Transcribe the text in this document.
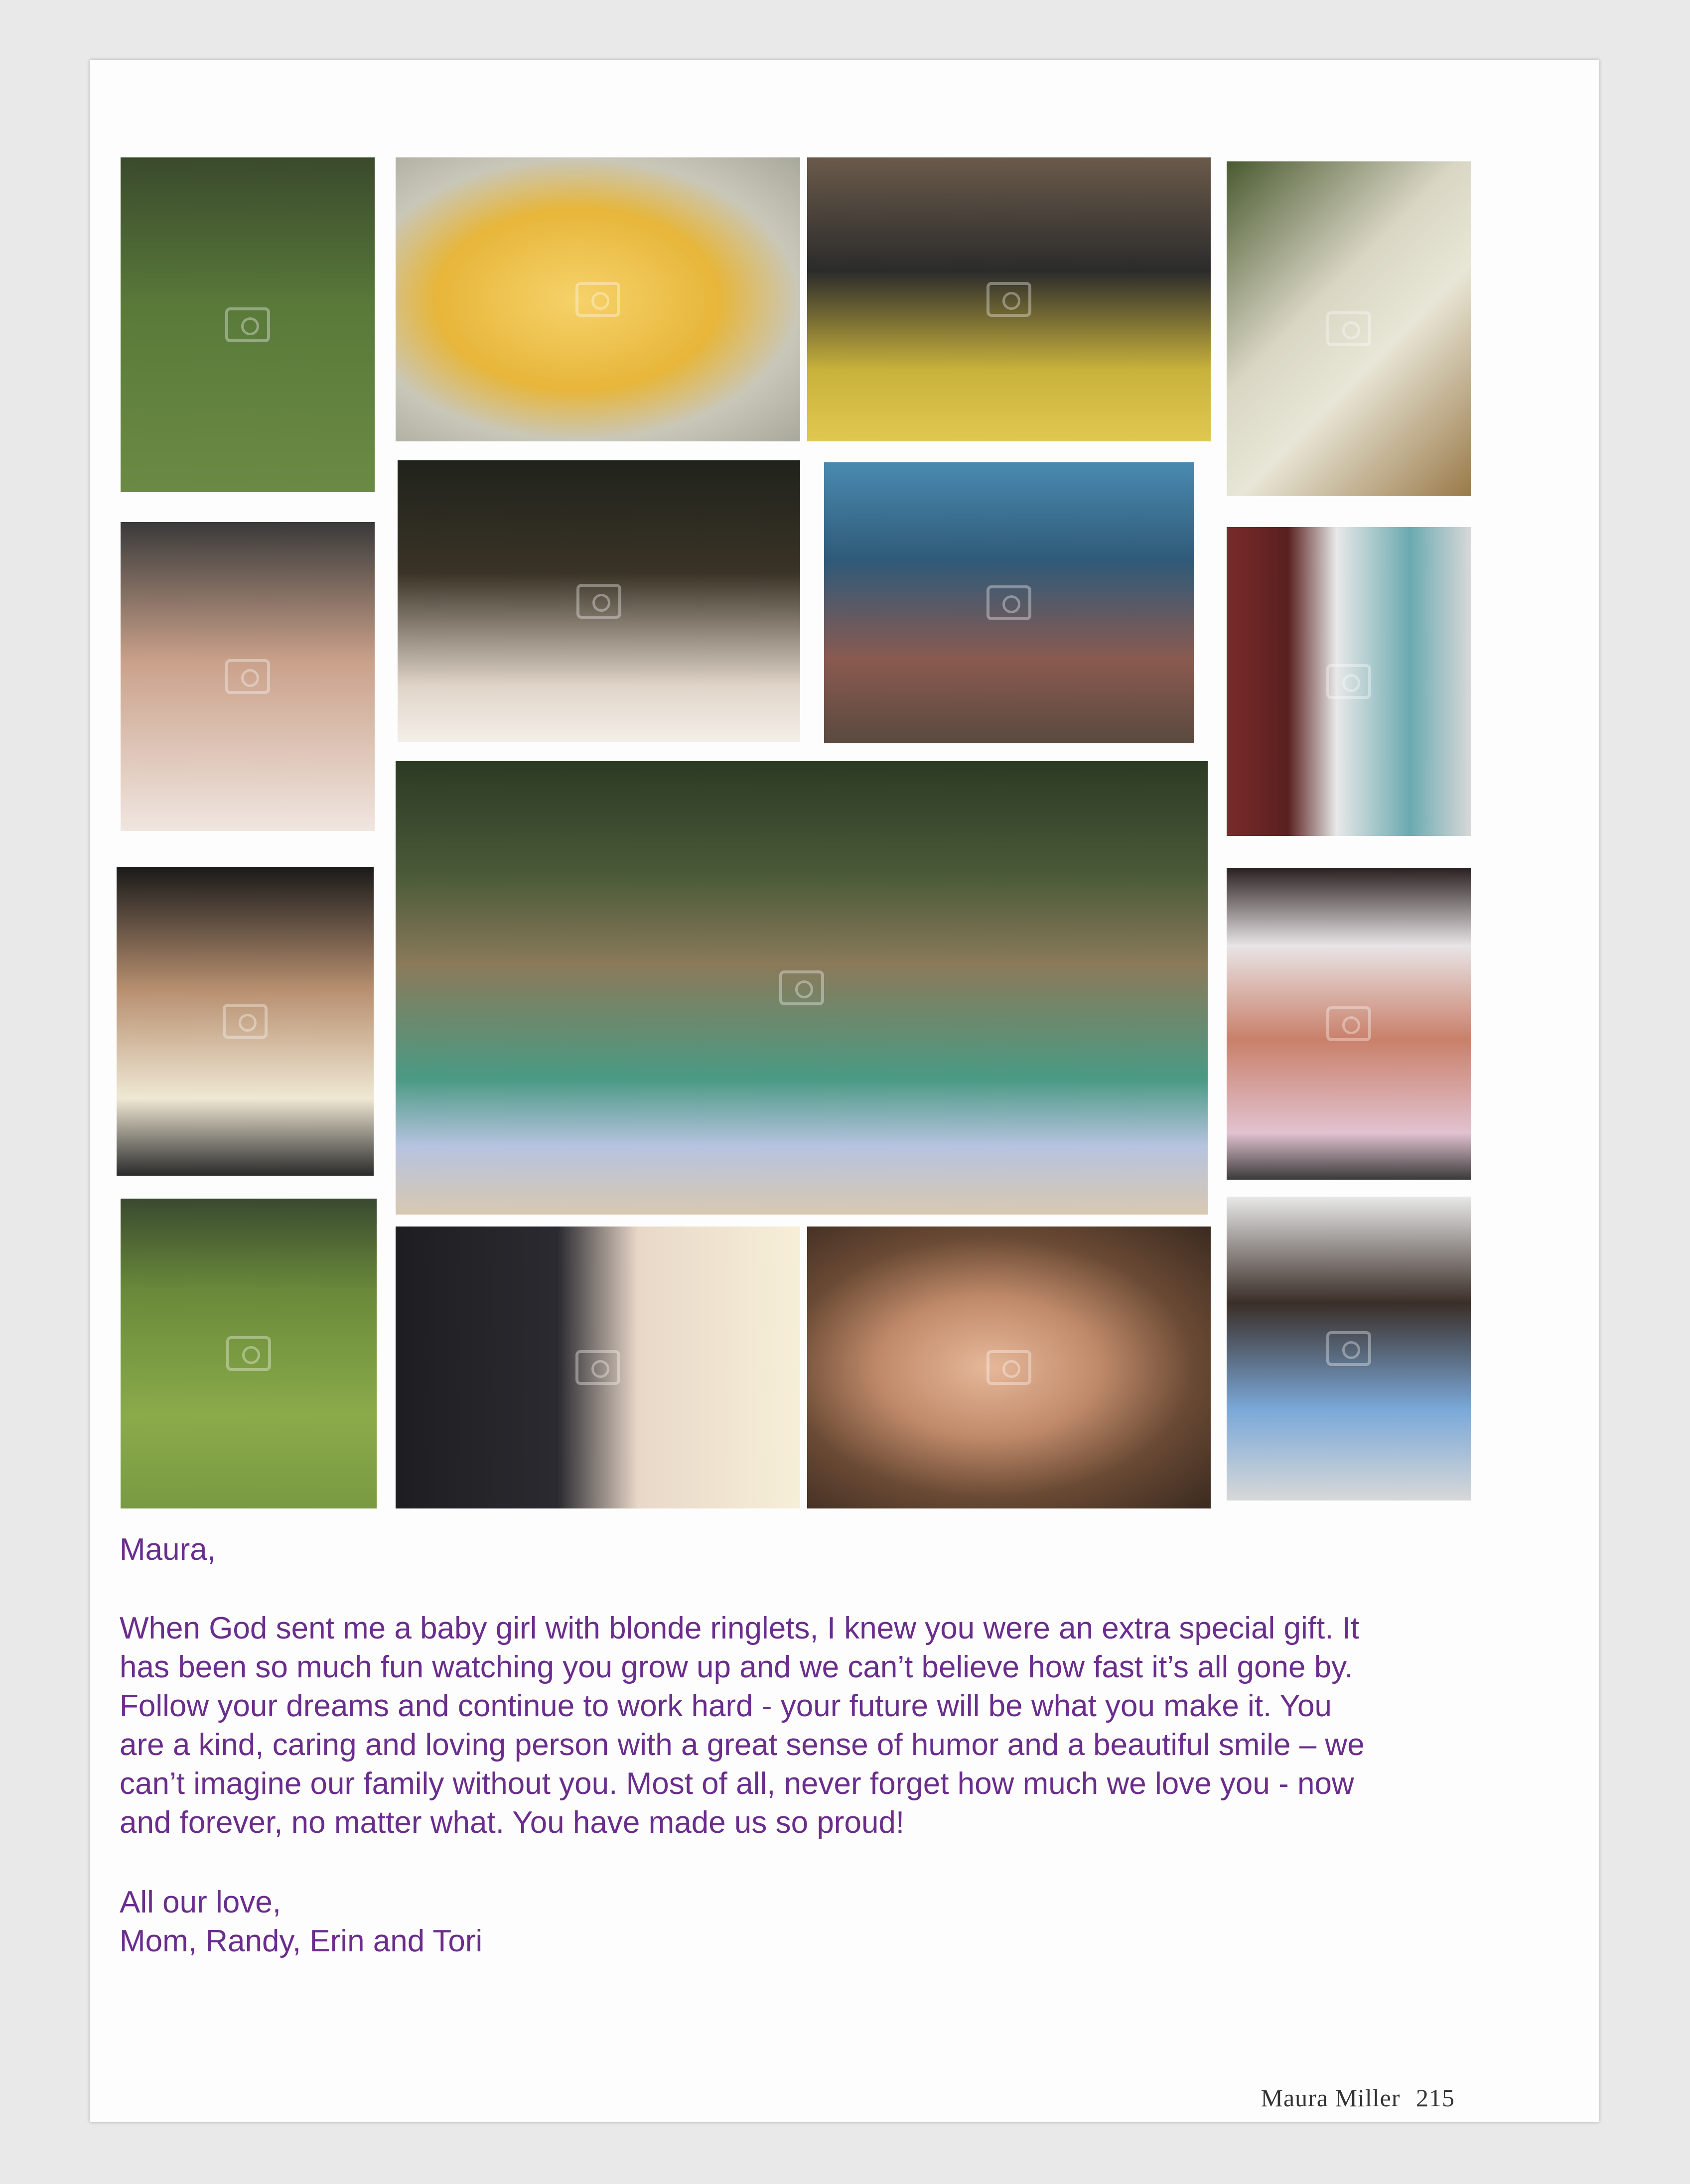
Maura,

When God sent me a baby girl with blonde ringlets, I knew you were an extra special gift. It

has been so much fun watching you grow up and we can’t believe how fast it’s all gone by.

Follow your dreams and continue to work hard - your future will be what you make it. You

are a kind, caring and loving person with a great sense of humor and a beautiful smile – we

can’t imagine our family without you. Most of all, never forget how much we love you - now

and forever, no matter what. You have made us so proud!

All our love,

Mom, Randy, Erin and Tori

Maura Miller 215
